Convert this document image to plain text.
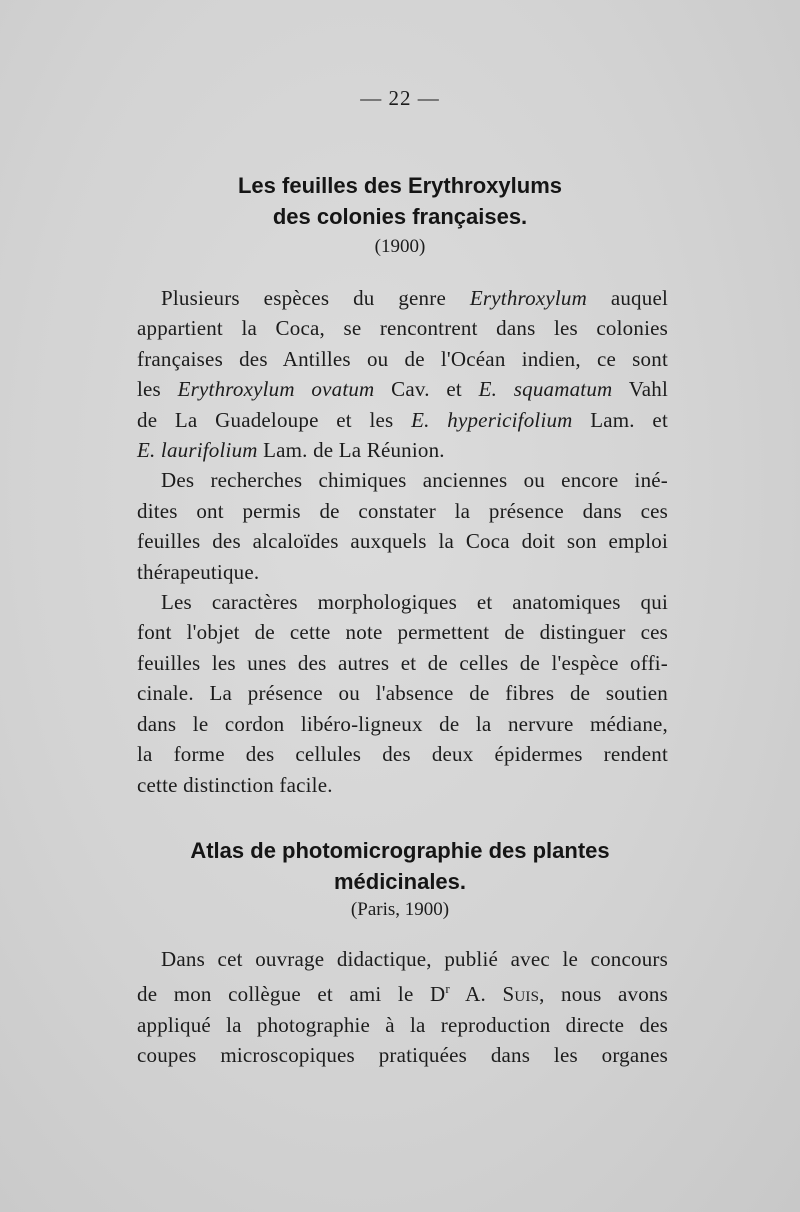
— 22 —
Les feuilles des Erythroxylums
des colonies françaises.
(1900)
Plusieurs espèces du genre Erythroxylum auquel
appartient la Coca, se rencontrent dans les colonies
françaises des Antilles ou de l'Océan indien, ce sont
les Erythroxylum ovatum Cav. et E. squamatum Vahl
de La Guadeloupe et les E. hypericifolium Lam. et
E. laurifolium Lam. de La Réunion.
Des recherches chimiques anciennes ou encore iné-
dites ont permis de constater la présence dans ces
feuilles des alcaloïdes auxquels la Coca doit son emploi
thérapeutique.
Les caractères morphologiques et anatomiques qui
font l'objet de cette note permettent de distinguer ces
feuilles les unes des autres et de celles de l'espèce offi-
cinale. La présence ou l'absence de fibres de soutien
dans le cordon libéro-ligneux de la nervure médiane,
la forme des cellules des deux épidermes rendent
cette distinction facile.
Atlas de photomicrographie des plantes
médicinales.
(Paris, 1900)
Dans cet ouvrage didactique, publié avec le concours
de mon collègue et ami le $D^r$ A. Suis, nous avons
appliqué la photographie à la reproduction directe des
coupes microscopiques pratiquées dans les organes
